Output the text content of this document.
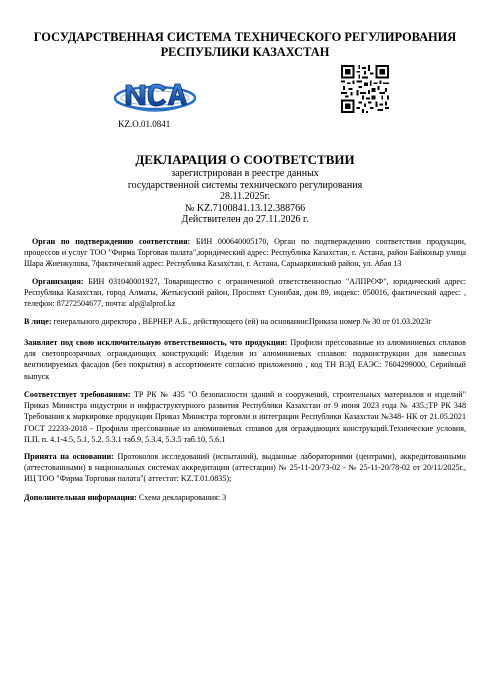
ГОСУДАРСТВЕННАЯ СИСТЕМА ТЕХНИЧЕСКОГО РЕГУЛИРОВАНИЯ
РЕСПУБЛИКИ КАЗАХСТАН
KZ.O.01.0841
ДЕКЛАРАЦИЯ О СООТВЕТСТВИИ
зарегистрирован в реестре данных
государственной системы технического регулирования
28.11.2025г.
№ KZ.7100841.13.12.388766
Действителен до 27.11.2026 г.
Орган по подтверждению соответствия: БИН 000640005170, Орган по подтверждению соответствия продукции, процессов и услуг ТОО "Фирма Торговая палата",юридический адрес: Республика Казахстан, г. Астана, район Байконыр улица Шара Жиенкулова, 7фактический адрес: Республика Казахстан, г. Астана, Сарыаркинский район, ул. Абая 13
Организация: БИН 031040001927, Товарищество с ограниченной ответственностью "АЛПРОФ", юридический адрес: Республика Казахстан, город Алматы, Жетысуский район, Проспект Суюнбая, дом 89, индекс: 050016, фактический адрес: , телефон: 87272504677, почта: alp@alprof.kz
В лице: генерального директора , ВЕРНЕР А.Б., действующего (ей) на основании:Приказа номер № 30 от 01.03.2023г
Заявляет под свою исключительную ответственность, что продукция: Профили прессованные из алюминиевых сплавов для светопрозрачных ограждающих конструкций: Изделия из алюминиевых сплавов: подконструкции для навесных вентилируемых фасадов (без покрытия) в ассортименте согласно приложению , код ТН ВЭД ЕАЭС: 7604299000, Серийный выпуск
Соответствует требованиям: ТР РК № 435 "О безопасности зданий и сооружений, строительных материалов и изделий" Приказ Министра индустрии и инфраструктурного развития Республики Казахстан от 9 июня 2023 года № 435.;ТР РК 348 Требования к маркировке продукции Приказ Министра торговли и интеграции Республики Казахстан №348- НК от 21.05.2021 ГОСТ 22233-2018 - Профили прессованные из алюминиевых сплавов для ограждающих конструкций.Технические условия, П.П. п. 4.1-4.5, 5.1, 5.2, 5.3.1 таб.9, 5.3.4, 5.3.5 таб.10, 5.6.1
Принята на основании: Протоколов исследований (испытаний), выданные лабораториями (центрами), аккредитованными (аттестованными) в национальных системах аккредитации (аттестации) № 25-11-20/73-02 - № 25-11-20/78-02 от 20/11/2025г., ИЦ ТОО "Фирма Торговая палата"( аттестат: KZ.T.01.0835);
Дополнительная информация: Схема декларирования: 3
